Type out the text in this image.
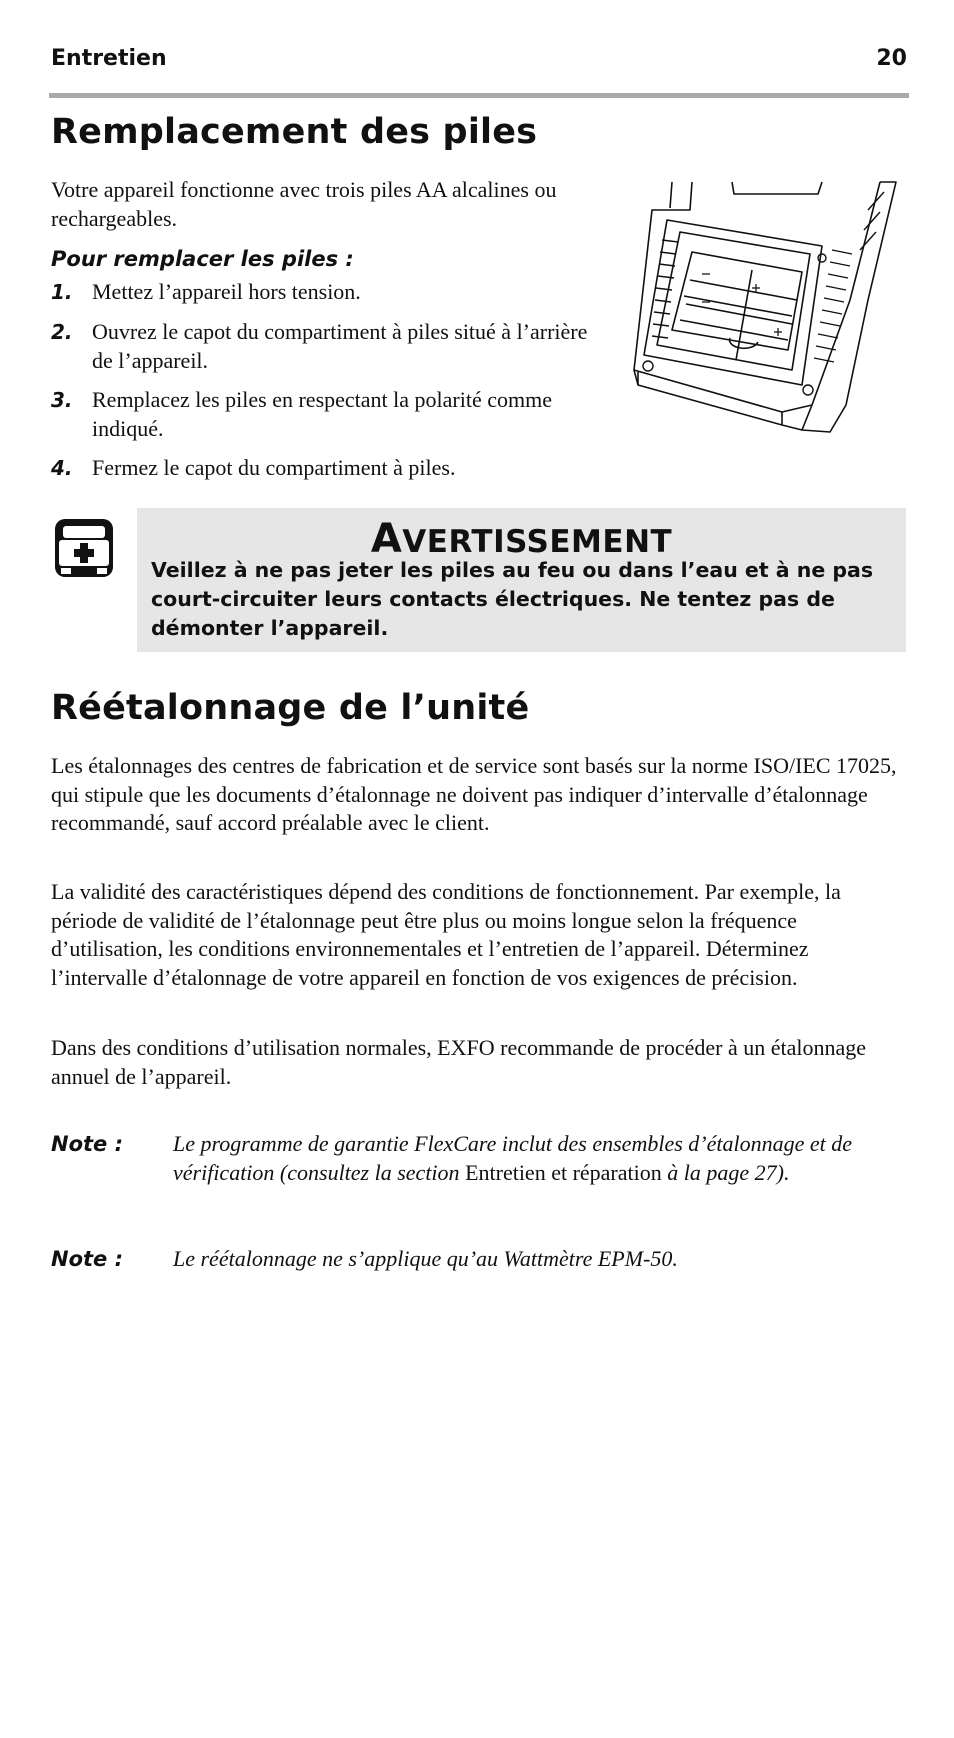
Entretien	20
Remplacement des piles

Votre appareil fonctionne avec trois piles AA alcalines ou rechargeables.

Pour remplacer les piles :
1. Mettez l’appareil hors tension.
2. Ouvrez le capot du compartiment à piles situé à l’arrière de l’appareil.
3. Remplacez les piles en respectant la polarité comme indiqué.
4. Fermez le capot du compartiment à piles.
AVERTISSEMENT
Veillez à ne pas jeter les piles au feu ou dans l’eau et à ne pas court-circuiter leurs contacts électriques. Ne tentez pas de démonter l’appareil.
Réétalonnage de l’unité

Les étalonnages des centres de fabrication et de service sont basés sur la norme ISO/IEC 17025, qui stipule que les documents d’étalonnage ne doivent pas indiquer d’intervalle d’étalonnage recommandé, sauf accord préalable avec le client.

La validité des caractéristiques dépend des conditions de fonctionnement. Par exemple, la période de validité de l’étalonnage peut être plus ou moins longue selon la fréquence d’utilisation, les conditions environnementales et l’entretien de l’appareil. Déterminez l’intervalle d’étalonnage de votre appareil en fonction de vos exigences de précision.

Dans des conditions d’utilisation normales, EXFO recommande de procéder à un étalonnage annuel de l’appareil.

Note : Le programme de garantie FlexCare inclut des ensembles d’étalonnage et de vérification (consultez la section Entretien et réparation à la page 27).
Note : Le réétalonnage ne s’applique qu’au Wattmètre EPM-50.
